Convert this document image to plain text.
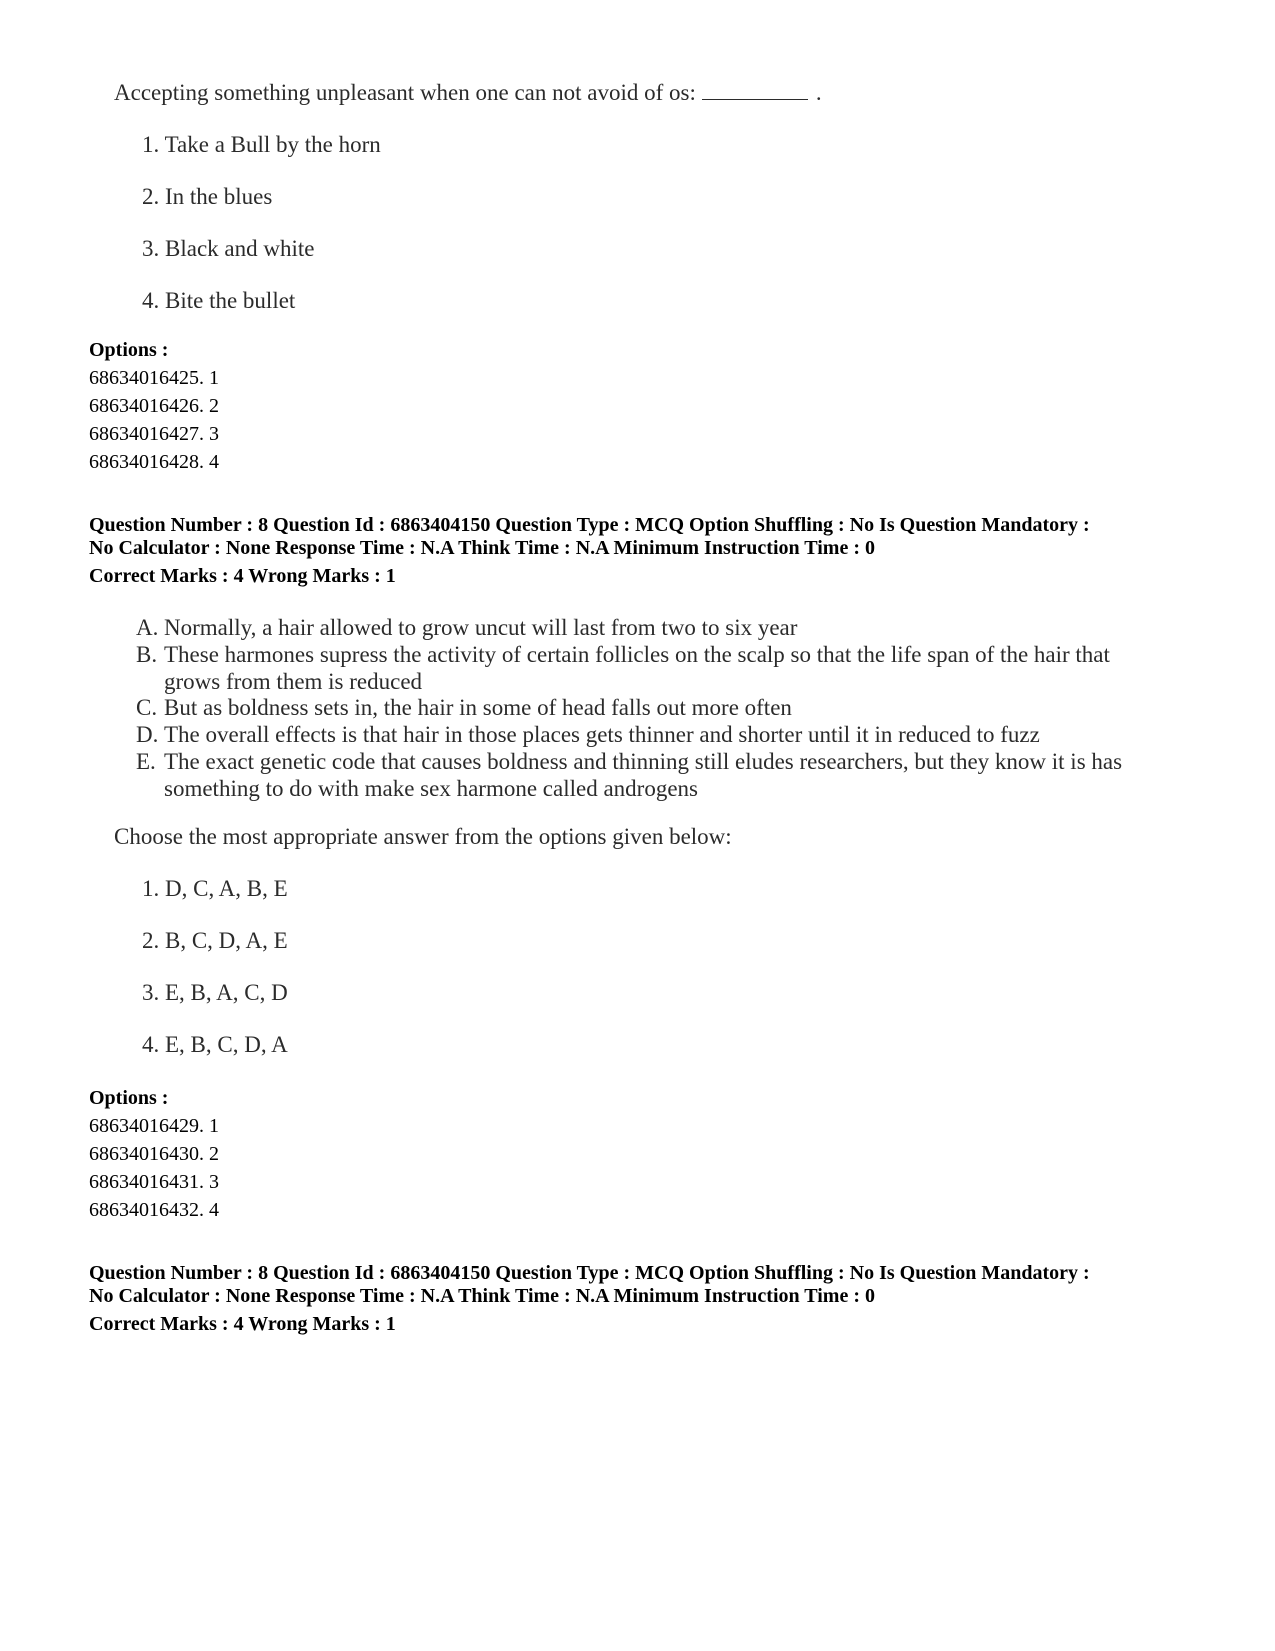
Accepting something unpleasant when one can not avoid of os:	.
1. Take a Bull by the horn
2. In the blues
3. Black and white
4. Bite the bullet
Options :
68634016425. 1
68634016426. 2
68634016427. 3
68634016428. 4
Question Number : 8 Question Id : 6863404150 Question Type : MCQ Option Shuffling : No Is Question Mandatory :
No Calculator : None Response Time : N.A Think Time : N.A Minimum Instruction Time : 0
Correct Marks : 4 Wrong Marks : 1
A. Normally, a hair allowed to grow uncut will last from two to six year
B. These harmones supress the activity of certain follicles on the scalp so that the life span of the hair that
grows from them is reduced
C. But as boldness sets in, the hair in some of head falls out more often
D. The overall effects is that hair in those places gets thinner and shorter until it in reduced to fuzz
E. The exact genetic code that causes boldness and thinning still eludes researchers, but they know it is has
something to do with make sex harmone called androgens
Choose the most appropriate answer from the options given below:
1. D, C, A, B, E
2. B, C, D, A, E
3. E, B, A, C, D
4. E, B, C, D, A
Options :
68634016429. 1
68634016430. 2
68634016431. 3
68634016432. 4
Question Number : 8 Question Id : 6863404150 Question Type : MCQ Option Shuffling : No Is Question Mandatory :
No Calculator : None Response Time : N.A Think Time : N.A Minimum Instruction Time : 0
Correct Marks : 4 Wrong Marks : 1
